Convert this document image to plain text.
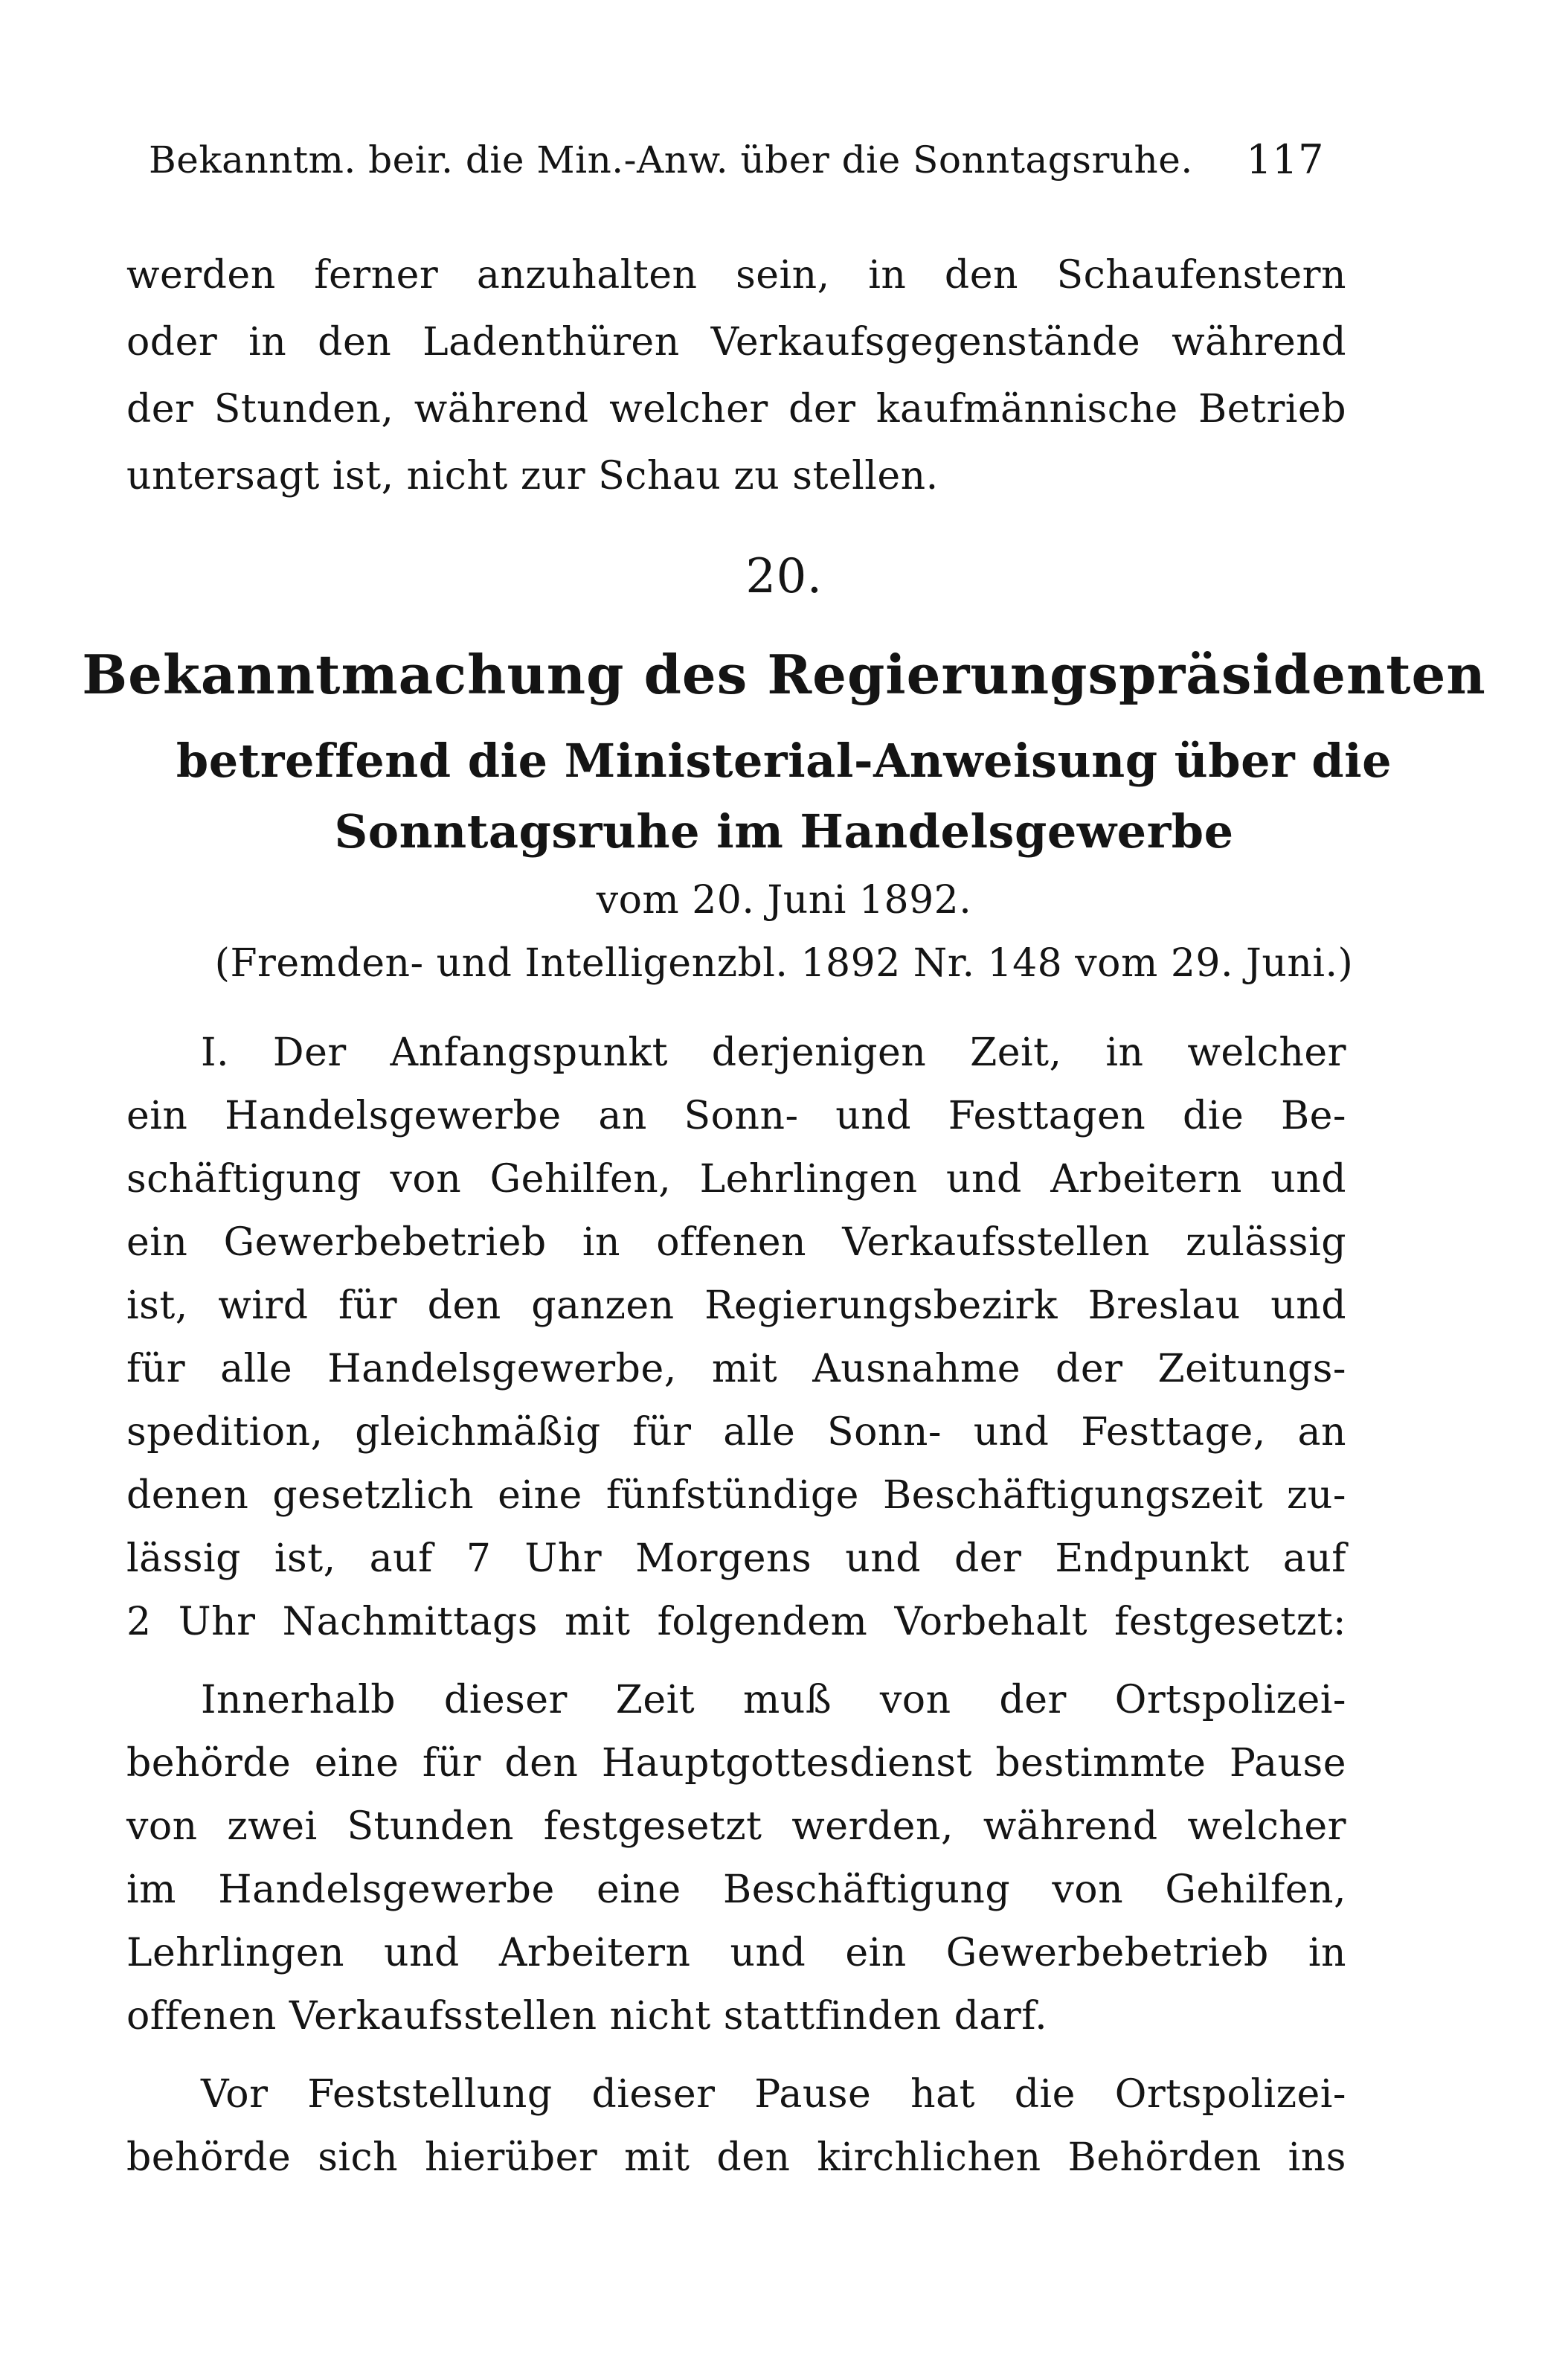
Bekanntm. beir. die Min.-Anw. über die Sonntagsruhe. 117
werden ferner anzuhalten sein, in den Schaufenstern
oder in den Ladenthüren Verkaufsgegenstände während
der Stunden, während welcher der kaufmännische Betrieb
untersagt ist, nicht zur Schau zu stellen.
20.
Bekanntmachung des Regierungspräsidenten
betreffend die Ministerial-Anweisung über die
Sonntagsruhe im Handelsgewerbe
vom 20. Juni 1892.
(Fremden- und Intelligenzbl. 1892 Nr. 148 vom 29. Juni.)
I. Der Anfangspunkt derjenigen Zeit, in welcher
ein Handelsgewerbe an Sonn- und Festtagen die Be-
schäftigung von Gehilfen, Lehrlingen und Arbeitern und
ein Gewerbebetrieb in offenen Verkaufsstellen zulässig
ist, wird für den ganzen Regierungsbezirk Breslau und
für alle Handelsgewerbe, mit Ausnahme der Zeitungs-
spedition, gleichmäßig für alle Sonn- und Festtage, an
denen gesetzlich eine fünfstündige Beschäftigungszeit zu-
lässig ist, auf 7 Uhr Morgens und der Endpunkt auf
2 Uhr Nachmittags mit folgendem Vorbehalt festgesetzt:
Innerhalb dieser Zeit muß von der Ortspolizei-
behörde eine für den Hauptgottesdienst bestimmte Pause
von zwei Stunden festgesetzt werden, während welcher
im Handelsgewerbe eine Beschäftigung von Gehilfen,
Lehrlingen und Arbeitern und ein Gewerbebetrieb in
offenen Verkaufsstellen nicht stattfinden darf.
Vor Feststellung dieser Pause hat die Ortspolizei-
behörde sich hierüber mit den kirchlichen Behörden ins
